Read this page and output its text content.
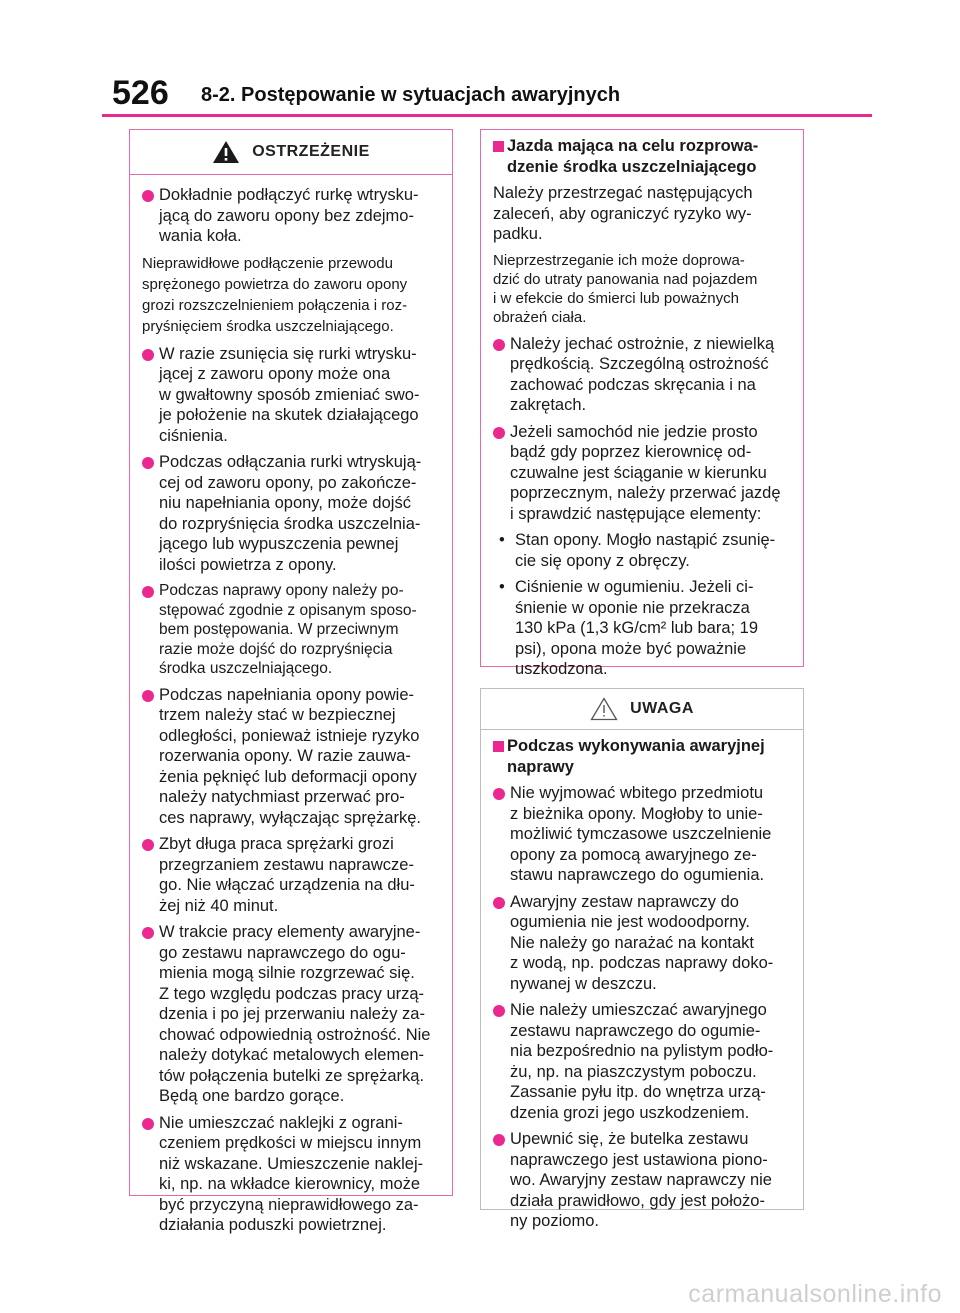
526 8-2. Postępowanie w sytuacjach awaryjnych
OSTRZEŻENIE
Dokładnie podłączyć rurkę wtrysku-
jącą do zaworu opony bez zdejmo-
wania koła.
Nieprawidłowe podłączenie przewodu
sprężonego powietrza do zaworu opony
grozi rozszczelnieniem połączenia i roz-
pryśnięciem środka uszczelniającego.
W razie zsunięcia się rurki wtrysku-
jącej z zaworu opony może ona
w gwałtowny sposób zmieniać swo-
je położenie na skutek działającego
ciśnienia.
Podczas odłączania rurki wtryskują-
cej od zaworu opony, po zakończe-
niu napełniania opony, może dojść
do rozpryśnięcia środka uszczelnia-
jącego lub wypuszczenia pewnej
ilości powietrza z opony.
Podczas naprawy opony należy po-
stępować zgodnie z opisanym sposo-
bem postępowania. W przeciwnym
razie może dojść do rozpryśnięcia
środka uszczelniającego.
Podczas napełniania opony powie-
trzem należy stać w bezpiecznej
odległości, ponieważ istnieje ryzyko
rozerwania opony. W razie zauwa-
żenia pęknięć lub deformacji opony
należy natychmiast przerwać pro-
ces naprawy, wyłączając sprężarkę.
Zbyt długa praca sprężarki grozi
przegrzaniem zestawu naprawcze-
go. Nie włączać urządzenia na dłu-
żej niż 40 minut.
W trakcie pracy elementy awaryjne-
go zestawu naprawczego do ogu-
mienia mogą silnie rozgrzewać się.
Z tego względu podczas pracy urzą-
dzenia i po jej przerwaniu należy za-
chować odpowiednią ostrożność. Nie
należy dotykać metalowych elemen-
tów połączenia butelki ze sprężarką.
Będą one bardzo gorące.
Nie umieszczać naklejki z ograni-
czeniem prędkości w miejscu innym
niż wskazane. Umieszczenie naklej-
ki, np. na wkładce kierownicy, może
być przyczyną nieprawidłowego za-
działania poduszki powietrznej.
Jazda mająca na celu rozprowa-
dzenie środka uszczelniającego
Należy przestrzegać następujących
zaleceń, aby ograniczyć ryzyko wy-
padku.
Nieprzestrzeganie ich może doprowa-
dzić do utraty panowania nad pojazdem
i w efekcie do śmierci lub poważnych
obrażeń ciała.
Należy jechać ostrożnie, z niewielką
prędkością. Szczególną ostrożność
zachować podczas skręcania i na
zakrętach.
Jeżeli samochód nie jedzie prosto
bądź gdy poprzez kierownicę od-
czuwalne jest ściąganie w kierunku
poprzecznym, należy przerwać jazdę
i sprawdzić następujące elementy:
• Stan opony. Mogło nastąpić zsunię-
cie się opony z obręczy.
• Ciśnienie w ogumieniu. Jeżeli ci-
śnienie w oponie nie przekracza
130 kPa (1,3 kG/cm² lub bara; 19
psi), opona może być poważnie
uszkodzona.
UWAGA
Podczas wykonywania awaryjnej
naprawy
Nie wyjmować wbitego przedmiotu
z bieżnika opony. Mogłoby to unie-
możliwić tymczasowe uszczelnienie
opony za pomocą awaryjnego ze-
stawu naprawczego do ogumienia.
Awaryjny zestaw naprawczy do
ogumienia nie jest wodoodporny.
Nie należy go narażać na kontakt
z wodą, np. podczas naprawy doko-
nywanej w deszczu.
Nie należy umieszczać awaryjnego
zestawu naprawczego do ogumie-
nia bezpośrednio na pylistym podło-
żu, np. na piaszczystym poboczu.
Zassanie pyłu itp. do wnętrza urzą-
dzenia grozi jego uszkodzeniem.
Upewnić się, że butelka zestawu
naprawczego jest ustawiona piono-
wo. Awaryjny zestaw naprawczy nie
działa prawidłowo, gdy jest położo-
ny poziomo.
carmanualsonline.info
